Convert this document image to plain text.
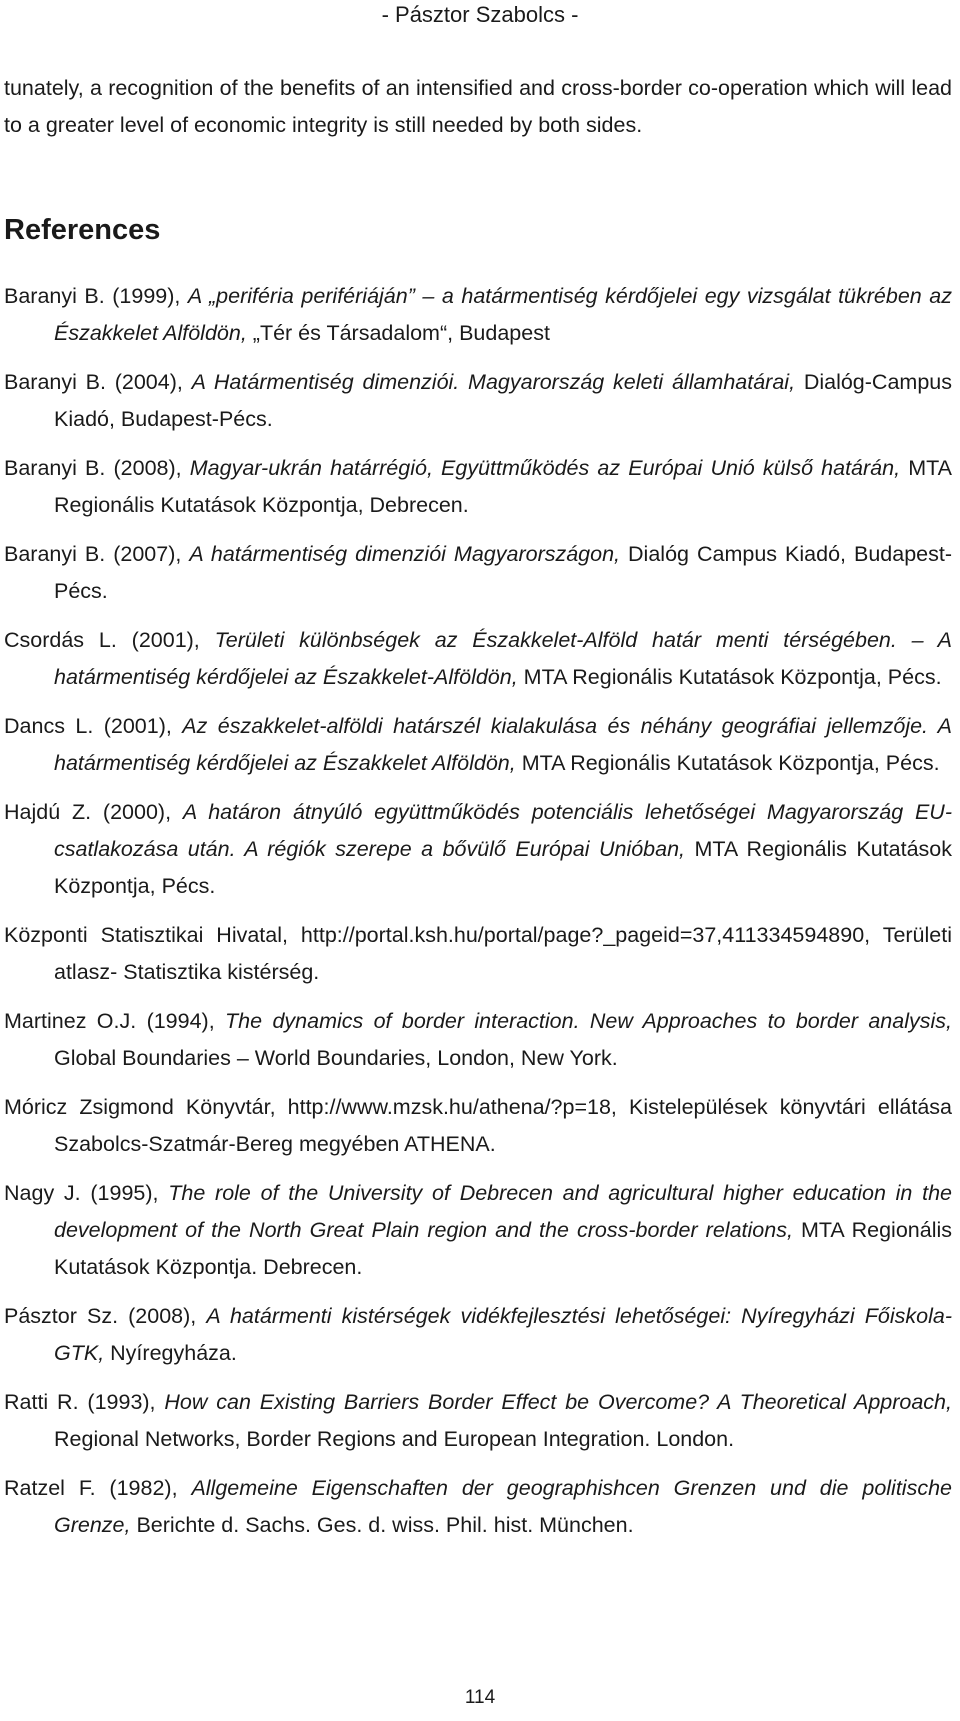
- Pásztor Szabolcs -

tunately, a recognition of the benefits of an intensified and cross-border co-operation which will lead to a greater level of economic integrity is still needed by both sides.

References

Baranyi B. (1999), A „periféria perifériáján” – a határmentiség kérdőjelei egy vizsgálat tükrében az Északkelet Alföldön, „Tér és Társadalom“, Budapest

Baranyi B. (2004), A Határmentiség dimenziói. Magyarország keleti államhatárai, Dialóg-Campus Kiadó, Budapest-Pécs.

Baranyi B. (2008), Magyar-ukrán határrégió, Együttműködés az Európai Unió külső határán, MTA Regionális Kutatások Központja, Debrecen.

Baranyi B. (2007), A határmentiség dimenziói Magyarországon, Dialóg Campus Kiadó, Budapest-Pécs.

Csordás L. (2001), Területi különbségek az Északkelet-Alföld határ menti térségében. – A határmentiség kérdőjelei az Északkelet-Alföldön, MTA Regionális Kutatások Központja, Pécs.

Dancs L. (2001), Az északkelet-alföldi határszél kialakulása és néhány geográfiai jellemzője. A határmentiség kérdőjelei az Északkelet Alföldön, MTA Regionális Kutatások Központja, Pécs.

Hajdú Z. (2000), A határon átnyúló együttműködés potenciális lehetőségei Magyarország EU-csatlakozása után. A régiók szerepe a bővülő Európai Unióban, MTA Regionális Kutatások Központja, Pécs.

Központi Statisztikai Hivatal, http://portal.ksh.hu/portal/page?_pageid=37,411334594890, Területi atlasz- Statisztika kistérség.

Martinez O.J. (1994), The dynamics of border interaction. New Approaches to border analysis, Global Boundaries – World Boundaries, London, New York.

Móricz Zsigmond Könyvtár, http://www.mzsk.hu/athena/?p=18, Kistelepülések könyvtári ellátása Szabolcs-Szatmár-Bereg megyében ATHENA.

Nagy J. (1995), The role of the University of Debrecen and agricultural higher education in the development of the North Great Plain region and the cross-border relations, MTA Regionális Kutatások Központja. Debrecen.

Pásztor Sz. (2008), A határmenti kistérségek vidékfejlesztési lehetőségei: Nyíregyházi Főiskola- GTK, Nyíregyháza.

Ratti R. (1993), How can Existing Barriers Border Effect be Overcome? A Theoretical Approach, Regional Networks, Border Regions and European Integration. London.

Ratzel F. (1982), Allgemeine Eigenschaften der geographishcen Grenzen und die politische Grenze, Berichte d. Sachs. Ges. d. wiss. Phil. hist. München.

114
